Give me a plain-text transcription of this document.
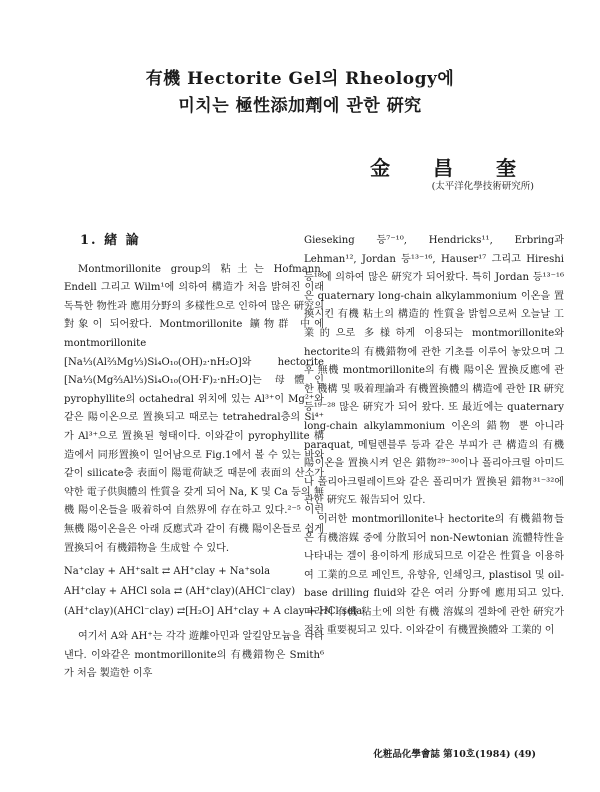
有機 Hectorite Gel의 Rheology에
미치는 極性添加劑에 관한 硏究
金 昌 奎
(太平洋化學技術研究所)

1. 緖 論

Montmorillonite group의 粘土는 Hofmann, Endell 그리고 Wilm¹에 의하여 構造가 처음 밝혀진 이래 독특한 物性과 應用分野의 多樣性으로 인하여 많은 硏究의 對象이 되어왔다. Montmorillonite 鑛物群 中에 montmorillonite [Na⅓(Al⅔Mg⅓)Si₄O₁₀(OH)₂·nH₂O]와 hectorite [Na⅓(Mg⅔Al⅓)Si₄O₁₀(OH·F)₂·nH₂O]는 母體인 pyrophyllite의 octahedral 위치에 있는 Al³⁺이 Mg²⁺와 같은 陽이온으로 置換되고 때로는 tetrahedral층의 Si⁴⁺가 Al³⁺으로 置換된 형태이다. 이와같이 pyrophyllite 構造에서 同形置換이 일어남으로 Fig.1에서 볼 수 있는 바와 같이 silicate층 表面이 陽電荷缺乏 때문에 表面의 산소가 약한 電子供與體의 性質을 갖게 되어 Na, K 및 Ca 등의 無機 陽이온들을 吸着하여 自然界에 存在하고 있다.²⁻⁵ 이런 無機 陽이온을은 아래 反應式과 같이 有機 陽이온들로 쉽게 置換되어 有機錯物을 生成할 수 있다.

Na⁺clay + AH⁺salt ⇄ AH⁺clay + Na⁺sola
AH⁺clay + AHCl sola ⇄ (AH⁺clay)(AHCl⁻clay)
(AH⁺clay)(AHCl⁻clay) ⇄[H₂O] AH⁺clay + A clay + HCl sola

여기서 A와 AH⁺는 각각 遊離아민과 알킬암모늄을 나타낸다. 이와같은 montmorillonite의 有機錯物은 Smith⁶가 처음 製造한 이후

Gieseking 등⁷⁻¹⁰, Hendricks¹¹, Erbring과 Lehman¹², Jordan 등¹³⁻¹⁶, Hauser¹⁷ 그리고 Hireshi 등¹⁸에 의하여 많은 硏究가 되어왔다. 특히 Jordan 등¹³⁻¹⁶은 quaternary long-chain alkylammonium 이온을 置換시킨 有機 粘土의 構造的 性質을 밝힘으로써 오늘날 工業的으로 多様하게 이용되는 montmorillonite와 hectorite의 有機錯物에 관한 기초를 이루어 놓았으며 그 후 無機 montmorillonite의 有機 陽이온 置換反應에 관한 機構 및 吸着理論과 有機置換體의 構造에 관한 IR 硏究 등¹⁹⁻²⁸ 많은 硏究가 되어 왔다. 또 最近에는 quaternary long-chain alkylammonium 이온의 錯物 뿐 아니라 paraquat, 메틸렌블루 등과 같은 부피가 큰 構造의 有機 陽이온을 置換시켜 얻은 錯物²⁹⁻³⁰이나 폴리아크릴 아미드나 폴리아크릴레이트와 같은 폴리머가 置換된 錯物³¹⁻³²에 관한 硏究도 報告되어 있다.

이러한 montmorillonite나 hectorite의 有機錯物들은 有機溶媒 중에 分散되어 non-Newtonian 流體特性을 나타내는 겔이 용이하게 形成되므로 이같은 性質을 이용하여 工業的으로 페인트, 유향유, 인쇄잉크, plastisol 및 oil-base drilling fluid와 같은 여러 分野에 應用되고 있다. 따라서 有機 粘土에 의한 有機 溶媒의 겔화에 관한 硏究가 점차 重要視되고 있다. 이와같이 有機置換體와 工業的 이

化粧品化學會誌 第10호(1984) (49)
